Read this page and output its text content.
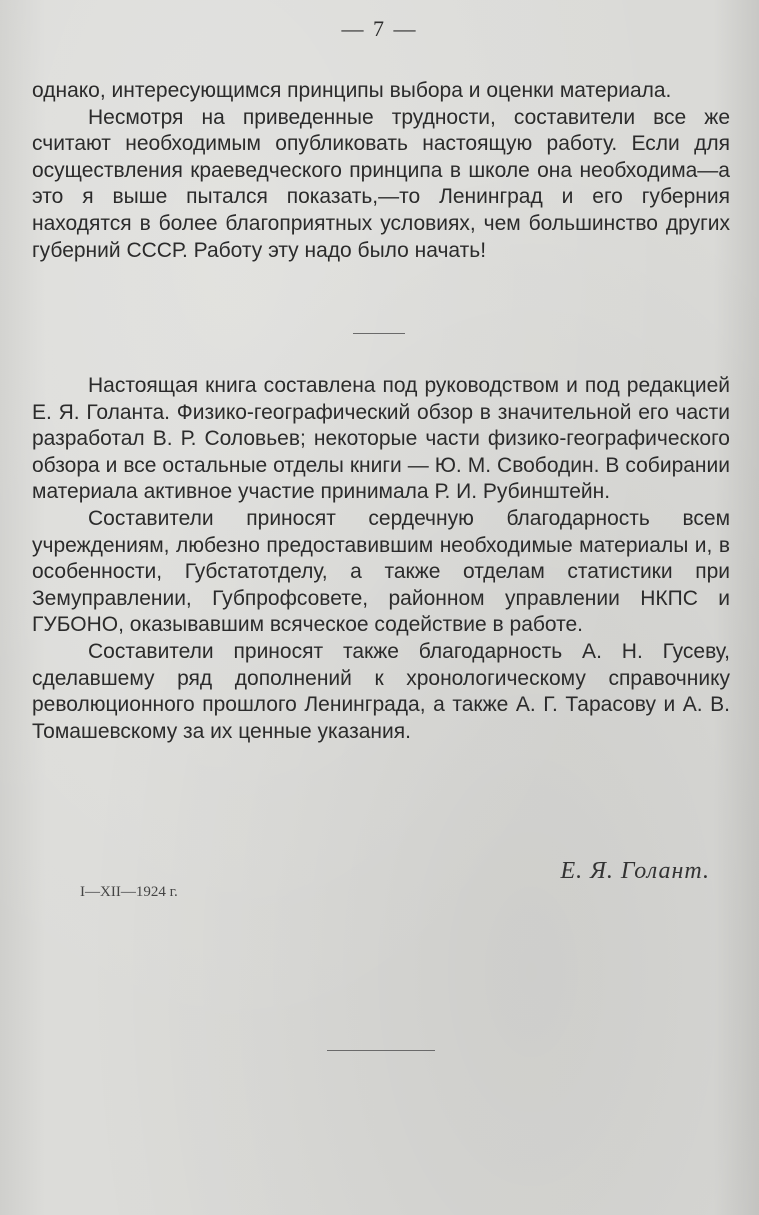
— 7 —

однако, интересующимся принципы выбора и оценки материала.

Несмотря на приведенные трудности, составители все же считают необходимым опубликовать настоящую работу. Если для осуществления краеведческого принципа в школе она необходима—а это я выше пытался показать,—то Ленинград и его губерния находятся в более благоприятных условиях, чем большинство других губерний СССР. Работу эту надо было начать!

Настоящая книга составлена под руководством и под редакцией Е. Я. Голанта. Физико-географический обзор в значительной его части разработал В. Р. Соловьев; некоторые части физико-географического обзора и все остальные отделы книги — Ю. М. Свободин. В собирании материала активное участие принимала Р. И. Рубинштейн.

Составители приносят сердечную благодарность всем учреждениям, любезно предоставившим необходимые материалы и, в особенности, Губстатотделу, а также отделам статистики при Земуправлении, Губпрофсовете, районном управлении НКПС и ГУБОНО, оказывавшим всяческое содействие в работе.

Составители приносят также благодарность А. Н. Гусеву, сделавшему ряд дополнений к хронологическому справочнику революционного прошлого Ленинграда, а также А. Г. Тарасову и А. В. Томашевскому за их ценные указания.

Е. Я. Голант.

I—XII—1924 г.
